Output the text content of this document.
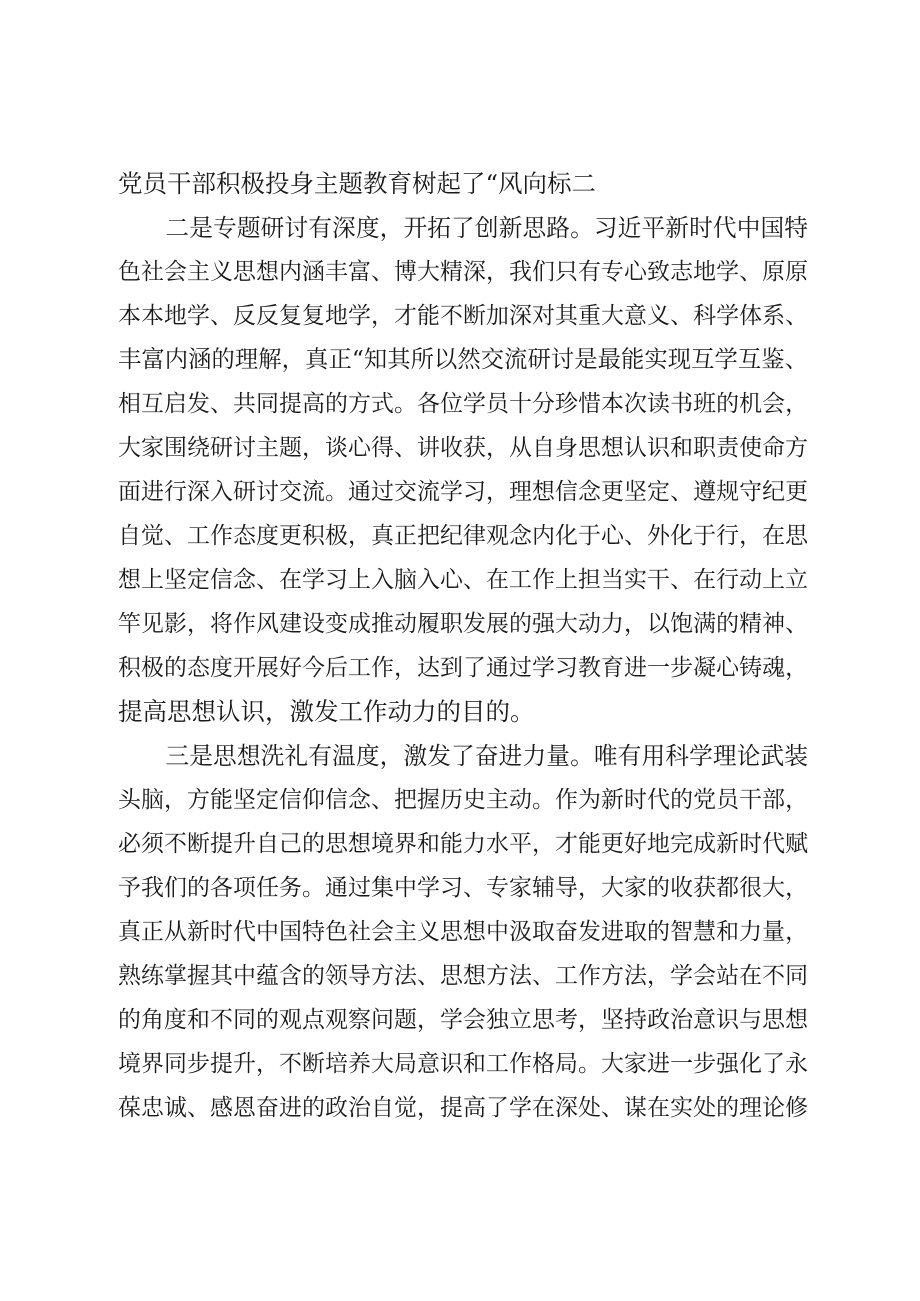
党员干部积极投身主题教育树起了“风向标二
二是专题研讨有深度，开拓了创新思路。习近平新时代中国特
色社会主义思想内涵丰富、博大精深，我们只有专心致志地学、原原
本本地学、反反复复地学，才能不断加深对其重大意义、科学体系、
丰富内涵的理解，真正“知其所以然交流研讨是最能实现互学互鉴、
相互启发、共同提高的方式。各位学员十分珍惜本次读书班的机会，
大家围绕研讨主题，谈心得、讲收获，从自身思想认识和职责使命方
面进行深入研讨交流。通过交流学习，理想信念更坚定、遵规守纪更
自觉、工作态度更积极，真正把纪律观念内化于心、外化于行，在思
想上坚定信念、在学习上入脑入心、在工作上担当实干、在行动上立
竿见影，将作风建设变成推动履职发展的强大动力，以饱满的精神、
积极的态度开展好今后工作，达到了通过学习教育进一步凝心铸魂，
提高思想认识，激发工作动力的目的。
三是思想洗礼有温度，激发了奋进力量。唯有用科学理论武装
头脑，方能坚定信仰信念、把握历史主动。作为新时代的党员干部，
必须不断提升自己的思想境界和能力水平，才能更好地完成新时代赋
予我们的各项任务。通过集中学习、专家辅导，大家的收获都很大，
真正从新时代中国特色社会主义思想中汲取奋发进取的智慧和力量，
熟练掌握其中蕴含的领导方法、思想方法、工作方法，学会站在不同
的角度和不同的观点观察问题，学会独立思考，坚持政治意识与思想
境界同步提升，不断培养大局意识和工作格局。大家进一步强化了永
葆忠诚、感恩奋进的政治自觉，提高了学在深处、谋在实处的理论修
